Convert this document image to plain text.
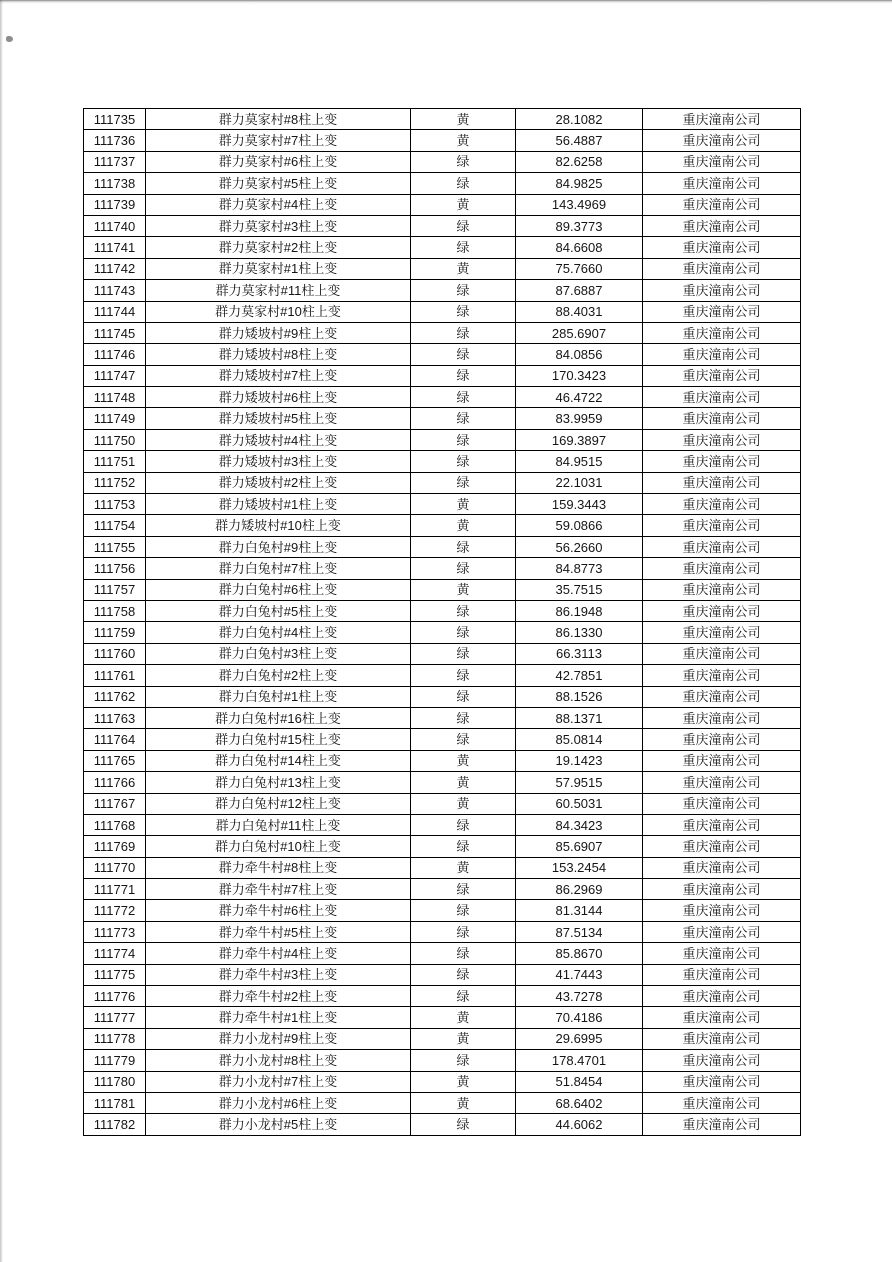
111735	群力莫家村#8柱上变	黄	28.1082	重庆潼南公司
111736	群力莫家村#7柱上变	黄	56.4887	重庆潼南公司
111737	群力莫家村#6柱上变	绿	82.6258	重庆潼南公司
111738	群力莫家村#5柱上变	绿	84.9825	重庆潼南公司
111739	群力莫家村#4柱上变	黄	143.4969	重庆潼南公司
111740	群力莫家村#3柱上变	绿	89.3773	重庆潼南公司
111741	群力莫家村#2柱上变	绿	84.6608	重庆潼南公司
111742	群力莫家村#1柱上变	黄	75.7660	重庆潼南公司
111743	群力莫家村#11柱上变	绿	87.6887	重庆潼南公司
111744	群力莫家村#10柱上变	绿	88.4031	重庆潼南公司
111745	群力矮坡村#9柱上变	绿	285.6907	重庆潼南公司
111746	群力矮坡村#8柱上变	绿	84.0856	重庆潼南公司
111747	群力矮坡村#7柱上变	绿	170.3423	重庆潼南公司
111748	群力矮坡村#6柱上变	绿	46.4722	重庆潼南公司
111749	群力矮坡村#5柱上变	绿	83.9959	重庆潼南公司
111750	群力矮坡村#4柱上变	绿	169.3897	重庆潼南公司
111751	群力矮坡村#3柱上变	绿	84.9515	重庆潼南公司
111752	群力矮坡村#2柱上变	绿	22.1031	重庆潼南公司
111753	群力矮坡村#1柱上变	黄	159.3443	重庆潼南公司
111754	群力矮坡村#10柱上变	黄	59.0866	重庆潼南公司
111755	群力白兔村#9柱上变	绿	56.2660	重庆潼南公司
111756	群力白兔村#7柱上变	绿	84.8773	重庆潼南公司
111757	群力白兔村#6柱上变	黄	35.7515	重庆潼南公司
111758	群力白兔村#5柱上变	绿	86.1948	重庆潼南公司
111759	群力白兔村#4柱上变	绿	86.1330	重庆潼南公司
111760	群力白兔村#3柱上变	绿	66.3113	重庆潼南公司
111761	群力白兔村#2柱上变	绿	42.7851	重庆潼南公司
111762	群力白兔村#1柱上变	绿	88.1526	重庆潼南公司
111763	群力白兔村#16柱上变	绿	88.1371	重庆潼南公司
111764	群力白兔村#15柱上变	绿	85.0814	重庆潼南公司
111765	群力白兔村#14柱上变	黄	19.1423	重庆潼南公司
111766	群力白兔村#13柱上变	黄	57.9515	重庆潼南公司
111767	群力白兔村#12柱上变	黄	60.5031	重庆潼南公司
111768	群力白兔村#11柱上变	绿	84.3423	重庆潼南公司
111769	群力白兔村#10柱上变	绿	85.6907	重庆潼南公司
111770	群力牵牛村#8柱上变	黄	153.2454	重庆潼南公司
111771	群力牵牛村#7柱上变	绿	86.2969	重庆潼南公司
111772	群力牵牛村#6柱上变	绿	81.3144	重庆潼南公司
111773	群力牵牛村#5柱上变	绿	87.5134	重庆潼南公司
111774	群力牵牛村#4柱上变	绿	85.8670	重庆潼南公司
111775	群力牵牛村#3柱上变	绿	41.7443	重庆潼南公司
111776	群力牵牛村#2柱上变	绿	43.7278	重庆潼南公司
111777	群力牵牛村#1柱上变	黄	70.4186	重庆潼南公司
111778	群力小龙村#9柱上变	黄	29.6995	重庆潼南公司
111779	群力小龙村#8柱上变	绿	178.4701	重庆潼南公司
111780	群力小龙村#7柱上变	黄	51.8454	重庆潼南公司
111781	群力小龙村#6柱上变	黄	68.6402	重庆潼南公司
111782	群力小龙村#5柱上变	绿	44.6062	重庆潼南公司
